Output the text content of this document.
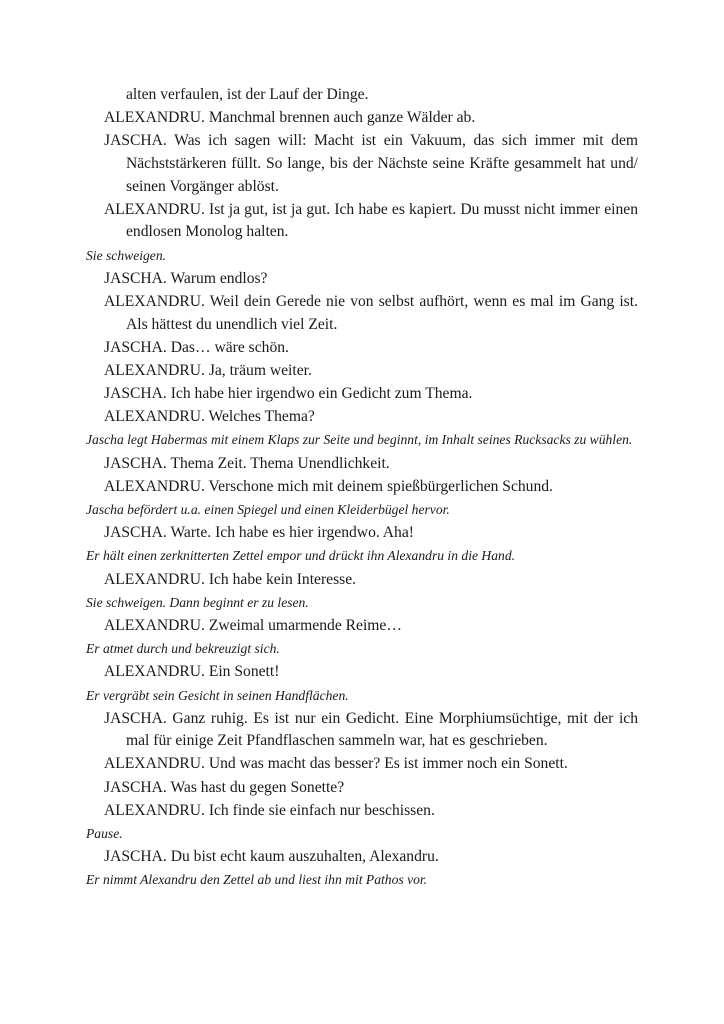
alten verfaulen, ist der Lauf der Dinge.
ALEXANDRU. Manchmal brennen auch ganze Wälder ab.
JASCHA. Was ich sagen will: Macht ist ein Vakuum, das sich immer mit dem Nächststärkeren füllt. So lange, bis der Nächste seine Kräfte gesammelt hat und/ seinen Vorgänger ablöst.
ALEXANDRU. Ist ja gut, ist ja gut. Ich habe es kapiert. Du musst nicht immer einen endlosen Monolog halten.
Sie schweigen.
JASCHA. Warum endlos?
ALEXANDRU. Weil dein Gerede nie von selbst aufhört, wenn es mal im Gang ist. Als hättest du unendlich viel Zeit.
JASCHA. Das… wäre schön.
ALEXANDRU. Ja, träum weiter.
JASCHA. Ich habe hier irgendwo ein Gedicht zum Thema.
ALEXANDRU. Welches Thema?
Jascha legt Habermas mit einem Klaps zur Seite und beginnt, im Inhalt seines Rucksacks zu wühlen.
JASCHA. Thema Zeit. Thema Unendlichkeit.
ALEXANDRU. Verschone mich mit deinem spießbürgerlichen Schund.
Jascha befördert u.a. einen Spiegel und einen Kleiderbügel hervor.
JASCHA. Warte. Ich habe es hier irgendwo. Aha!
Er hält einen zerknitterten Zettel empor und drückt ihn Alexandru in die Hand.
ALEXANDRU. Ich habe kein Interesse.
Sie schweigen. Dann beginnt er zu lesen.
ALEXANDRU. Zweimal umarmende Reime…
Er atmet durch und bekreuzigt sich.
ALEXANDRU. Ein Sonett!
Er vergräbt sein Gesicht in seinen Handflächen.
JASCHA. Ganz ruhig. Es ist nur ein Gedicht. Eine Morphiumsüchtige, mit der ich mal für einige Zeit Pfandflaschen sammeln war, hat es geschrieben.
ALEXANDRU. Und was macht das besser? Es ist immer noch ein Sonett.
JASCHA. Was hast du gegen Sonette?
ALEXANDRU. Ich finde sie einfach nur beschissen.
Pause.
JASCHA. Du bist echt kaum auszuhalten, Alexandru.
Er nimmt Alexandru den Zettel ab und liest ihn mit Pathos vor.
